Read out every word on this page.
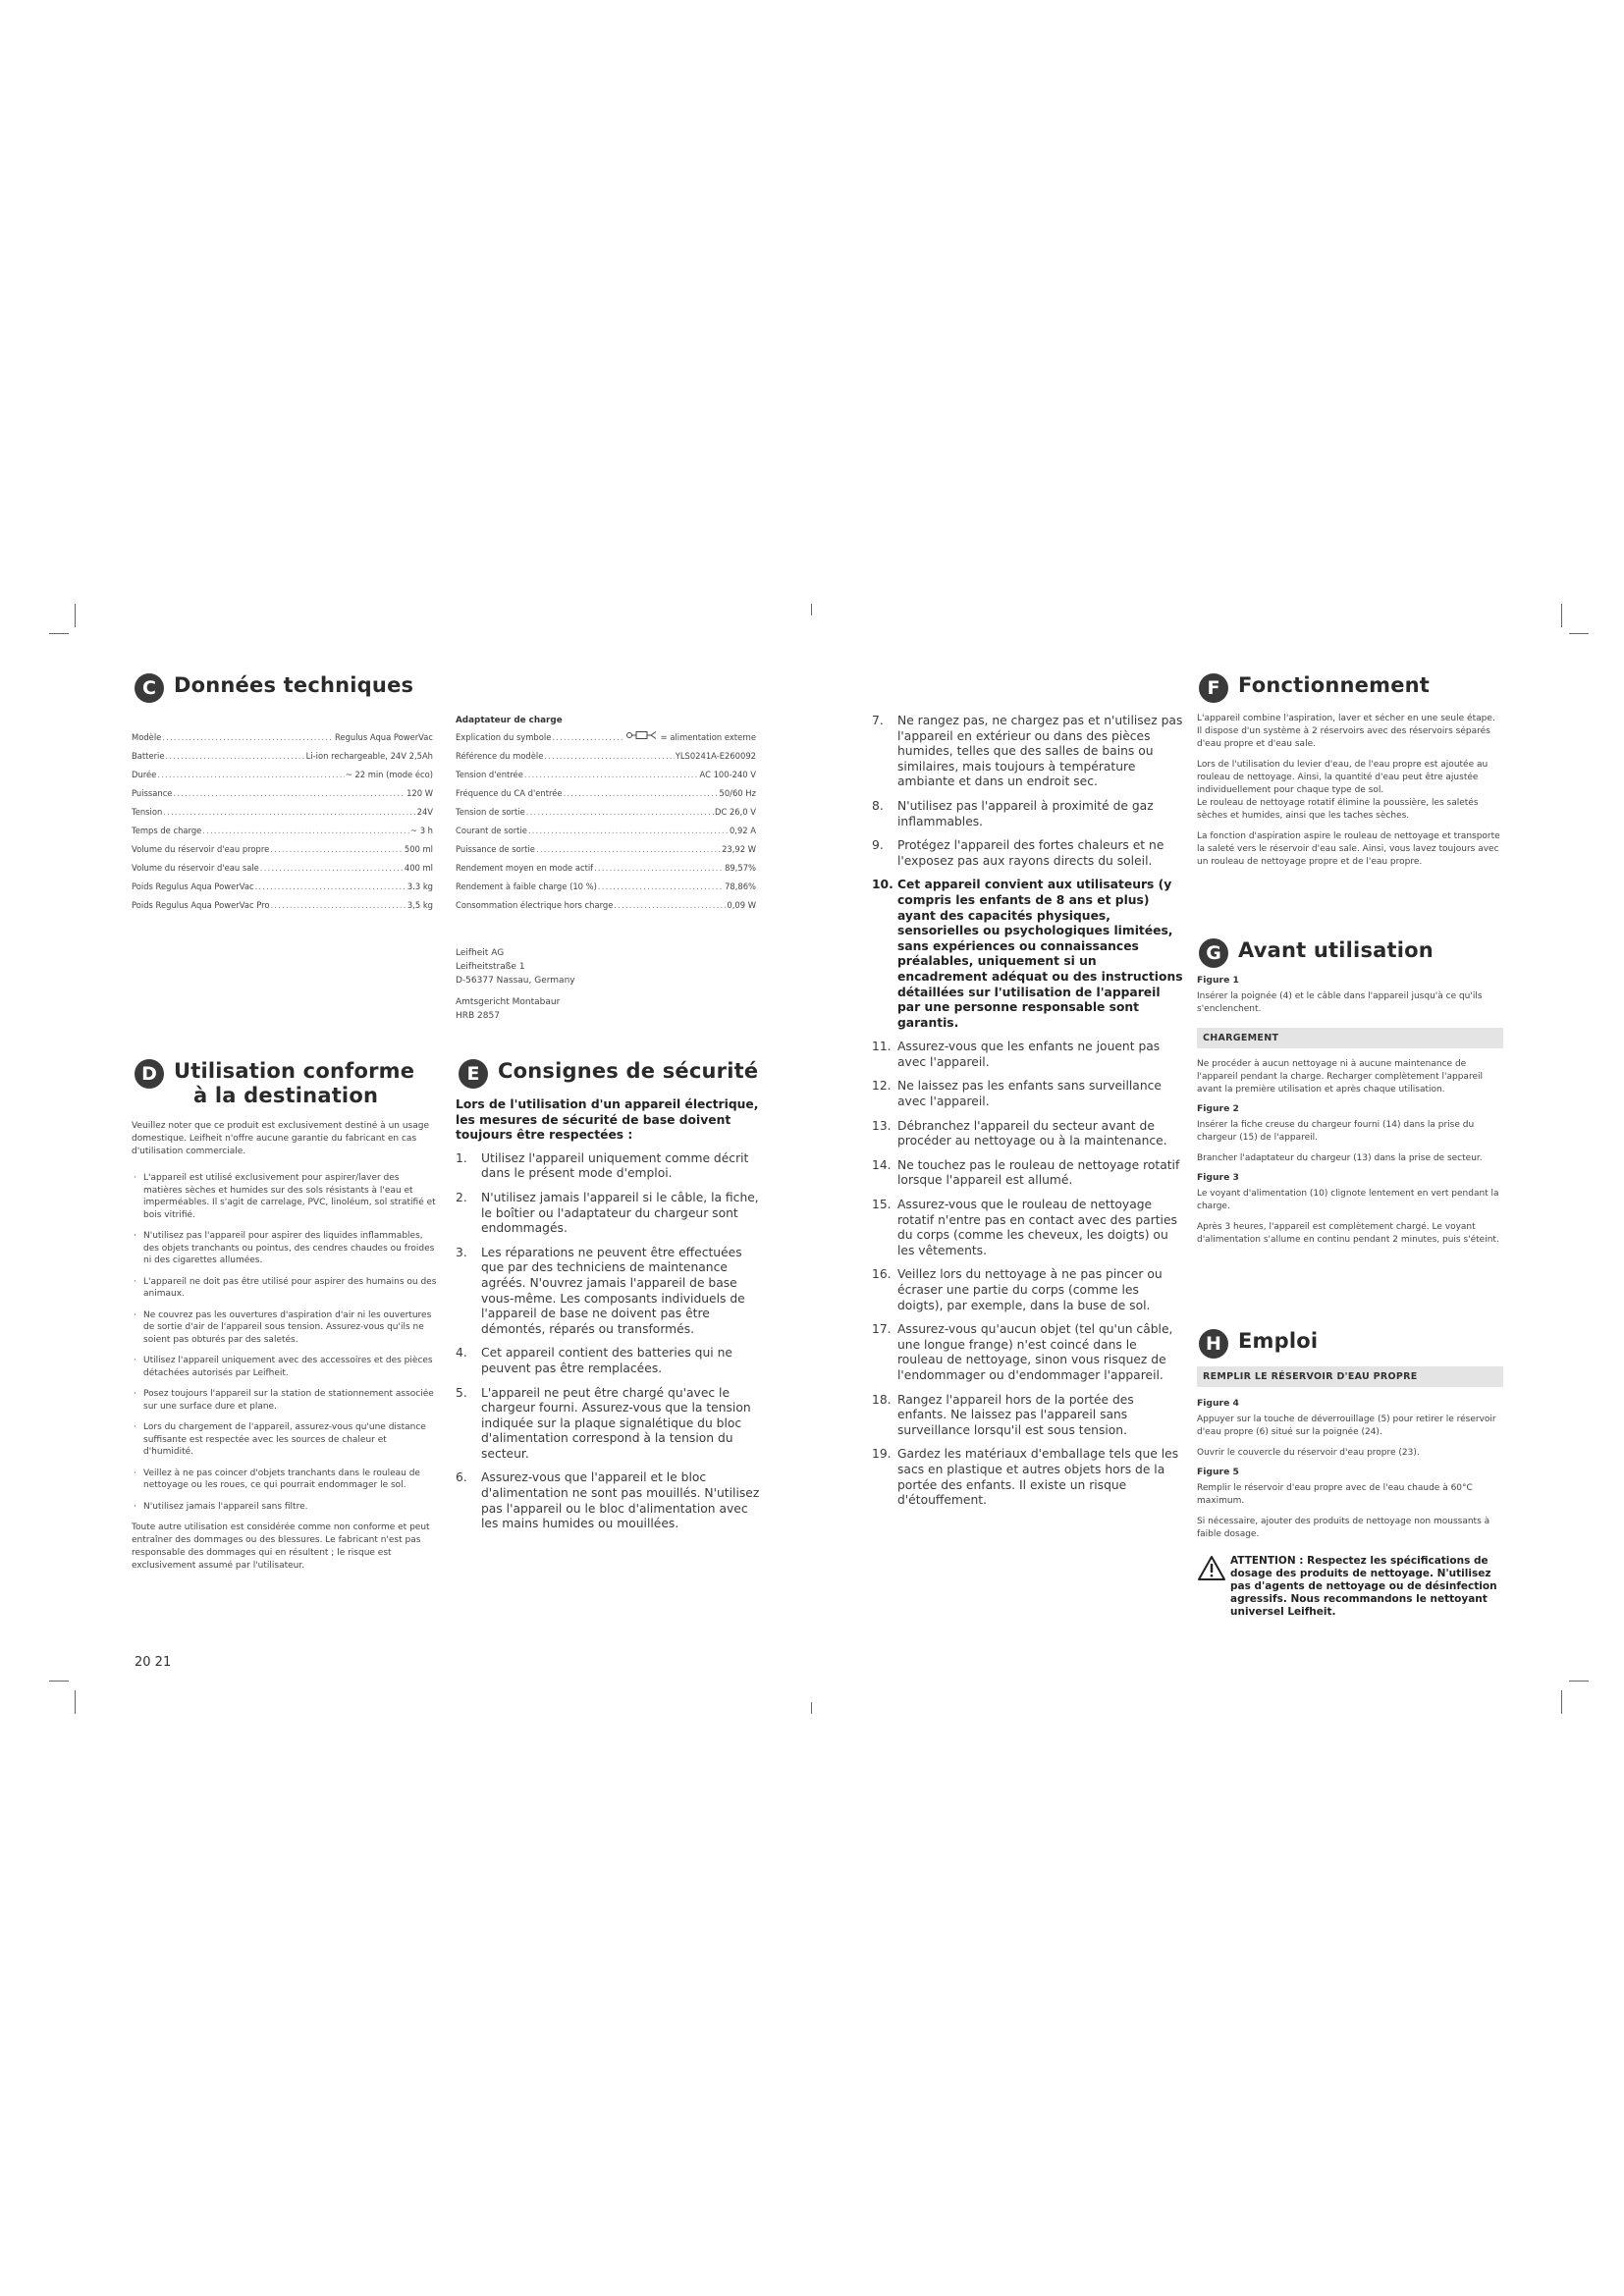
C Données techniques
Modèle .....	Regulus Aqua PowerVac
Batterie .....	Li-ion rechargeable, 24V 2,5Ah
Durée .....	~ 22 min (mode éco)
Puissance .....	120 W
Tension .....	24V
Temps de charge .....	~ 3 h
Volume du réservoir d'eau propre .....	500 ml
Volume du réservoir d'eau sale .....	400 ml
Poids Regulus Aqua PowerVac .....	3.3 kg
Poids Regulus Aqua PowerVac Pro .....	3,5 kg
Adaptateur de charge
Explication du symbole .....	= alimentation externe
Référence du modèle .....	YLS0241A-E260092
Tension d'entrée .....	AC 100-240 V
Fréquence du CA d'entrée .....	50/60 Hz
Tension de sortie .....	DC 26,0 V
Courant de sortie .....	0,92 A
Puissance de sortie .....	23,92 W
Rendement moyen en mode actif .....	89,57%
Rendement à faible charge (10 %) .....	78,86%
Consommation électrique hors charge .....	0,09 W
Leifheit AG
Leifheitstraße 1
D-56377 Nassau, Germany
Amtsgericht Montabaur
HRB 2857
D Utilisation conforme
à la destination

Veuillez noter que ce produit est exclusivement destiné à un usage domestique. Leifheit n'offre aucune garantie du fabricant en cas d'utilisation commerciale.

· L'appareil est utilisé exclusivement pour aspirer/laver des matières sèches et humides sur des sols résistants à l'eau et imperméables. Il s'agit de carrelage, PVC, linoléum, sol stratifié et bois vitrifié.
· N'utilisez pas l'appareil pour aspirer des liquides inflammables, des objets tranchants ou pointus, des cendres chaudes ou froides ni des cigarettes allumées.
· L'appareil ne doit pas être utilisé pour aspirer des humains ou des animaux.
· Ne couvrez pas les ouvertures d'aspiration d'air ni les ouvertures de sortie d'air de l'appareil sous tension. Assurez-vous qu'ils ne soient pas obturés par des saletés.
· Utilisez l'appareil uniquement avec des accessoires et des pièces détachées autorisés par Leifheit.
· Posez toujours l'appareil sur la station de stationnement associée sur une surface dure et plane.
· Lors du chargement de l'appareil, assurez-vous qu'une distance suffisante est respectée avec les sources de chaleur et d'humidité.
· Veillez à ne pas coincer d'objets tranchants dans le rouleau de nettoyage ou les roues, ce qui pourrait endommager le sol.
· N'utilisez jamais l'appareil sans filtre.

Toute autre utilisation est considérée comme non conforme et peut entraîner des dommages ou des blessures. Le fabricant n'est pas responsable des dommages qui en résultent ; le risque est exclusivement assumé par l'utilisateur.

E Consignes de sécurité
Lors de l'utilisation d'un appareil électrique, les mesures de sécurité de base doivent toujours être respectées :
1. Utilisez l'appareil uniquement comme décrit dans le présent mode d'emploi.
2. N'utilisez jamais l'appareil si le câble, la fiche, le boîtier ou l'adaptateur du chargeur sont endommagés.
3. Les réparations ne peuvent être effectuées que par des techniciens de maintenance agréés. N'ouvrez jamais l'appareil de base vous-même. Les composants individuels de l'appareil de base ne doivent pas être démontés, réparés ou transformés.
4. Cet appareil contient des batteries qui ne peuvent pas être remplacées.
5. L'appareil ne peut être chargé qu'avec le chargeur fourni. Assurez-vous que la tension indiquée sur la plaque signalétique du bloc d'alimentation correspond à la tension du secteur.
6. Assurez-vous que l'appareil et le bloc d'alimentation ne sont pas mouillés. N'utilisez pas l'appareil ou le bloc d'alimentation avec les mains humides ou mouillées.
7. Ne rangez pas, ne chargez pas et n'utilisez pas l'appareil en extérieur ou dans des pièces humides, telles que des salles de bains ou similaires, mais toujours à température ambiante et dans un endroit sec.
8. N'utilisez pas l'appareil à proximité de gaz inflammables.
9. Protégez l'appareil des fortes chaleurs et ne l'exposez pas aux rayons directs du soleil.
10. Cet appareil convient aux utilisateurs (y compris les enfants de 8 ans et plus) ayant des capacités physiques, sensorielles ou psychologiques limitées, sans expériences ou connaissances préalables, uniquement si un encadrement adéquat ou des instructions détaillées sur l'utilisation de l'appareil par une personne responsable sont garantis.
11. Assurez-vous que les enfants ne jouent pas avec l'appareil.
12. Ne laissez pas les enfants sans surveillance avec l'appareil.
13. Débranchez l'appareil du secteur avant de procéder au nettoyage ou à la maintenance.
14. Ne touchez pas le rouleau de nettoyage rotatif lorsque l'appareil est allumé.
15. Assurez-vous que le rouleau de nettoyage rotatif n'entre pas en contact avec des parties du corps (comme les cheveux, les doigts) ou les vêtements.
16. Veillez lors du nettoyage à ne pas pincer ou écraser une partie du corps (comme les doigts), par exemple, dans la buse de sol.
17. Assurez-vous qu'aucun objet (tel qu'un câble, une longue frange) n'est coincé dans le rouleau de nettoyage, sinon vous risquez de l'endommager ou d'endommager l'appareil.
18. Rangez l'appareil hors de la portée des enfants. Ne laissez pas l'appareil sans surveillance lorsqu'il est sous tension.
19. Gardez les matériaux d'emballage tels que les sacs en plastique et autres objets hors de la portée des enfants. Il existe un risque d'étouffement.
F Fonctionnement

L'appareil combine l'aspiration, laver et sécher en une seule étape. Il dispose d'un système à 2 réservoirs avec des réservoirs séparés d'eau propre et d'eau sale.

Lors de l'utilisation du levier d'eau, de l'eau propre est ajoutée au rouleau de nettoyage. Ainsi, la quantité d'eau peut être ajustée individuellement pour chaque type de sol.

Le rouleau de nettoyage rotatif élimine la poussière, les saletés sèches et humides, ainsi que les taches sèches.

La fonction d'aspiration aspire le rouleau de nettoyage et transporte la saleté vers le réservoir d'eau sale. Ainsi, vous lavez toujours avec un rouleau de nettoyage propre et de l'eau propre.

G Avant utilisation
Figure 1

Insérer la poignée (4) et le câble dans l'appareil jusqu'à ce qu'ils s'enclenchent.

CHARGEMENT

Ne procéder à aucun nettoyage ni à aucune maintenance de l'appareil pendant la charge. Recharger complètement l'appareil avant la première utilisation et après chaque utilisation.

Figure 2

Insérer la fiche creuse du chargeur fourni (14) dans la prise du chargeur (15) de l'appareil.

Brancher l'adaptateur du chargeur (13) dans la prise de secteur.

Figure 3

Le voyant d'alimentation (10) clignote lentement en vert pendant la charge.

Après 3 heures, l'appareil est complètement chargé. Le voyant d'alimentation s'allume en continu pendant 2 minutes, puis s'éteint.

H Emploi
REMPLIR LE RÉSERVOIR D'EAU PROPRE
Figure 4

Appuyer sur la touche de déverrouillage (5) pour retirer le réservoir d'eau propre (6) situé sur la poignée (24).

Ouvrir le couvercle du réservoir d'eau propre (23).

Figure 5

Remplir le réservoir d'eau propre avec de l'eau chaude à 60°C maximum.

Si nécessaire, ajouter des produits de nettoyage non moussants à faible dosage.

ATTENTION : Respectez les spécifications de dosage des produits de nettoyage. N'utilisez pas d'agents de nettoyage ou de désinfection agressifs. Nous recommandons le nettoyant universel Leifheit.
20 21
